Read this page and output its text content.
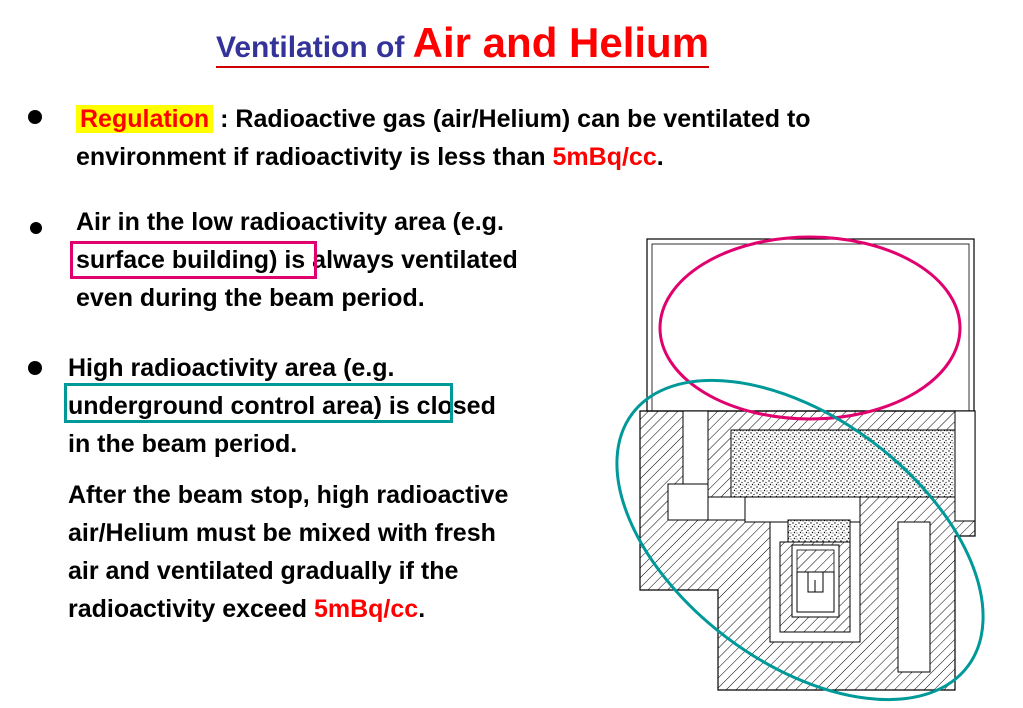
Ventilation of Air and Helium
Regulation : Radioactive gas (air/Helium) can be ventilated to
environment if radioactivity is less than 5mBq/cc.
Air in the low radioactivity area (e.g.
surface building) is always ventilated
even during the beam period.
High radioactivity area (e.g.
underground control area) is closed
in the beam period.
After the beam stop, high radioactive
air/Helium must be mixed with fresh
air and ventilated gradually if the
radioactivity exceed 5mBq/cc.
